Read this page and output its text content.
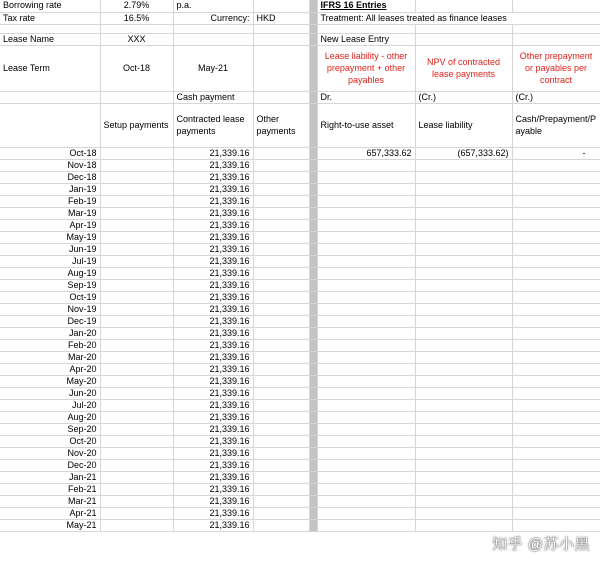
Borrowing rate	2.79%	p.a.			IFRS 16 Entries		
Tax rate	16.5%	Currency:	HKD		Treatment: All leases treated as finance leases		

Lease Name	XXX				New Lease Entry		
Lease Term	Oct-18	May-21			Lease liability - other prepayment + other payables	NPV of contracted lease payments	Other prepayment or payables per contract
		Cash payment			Dr.	(Cr.)	(Cr.)
	Setup payments	Contracted lease payments	Other payments		Right-to-use asset	Lease liability	Cash/Prepayment/Payable
Oct-18		21,339.16			657,333.62	(657,333.62)	-
Nov-18		21,339.16					
Dec-18		21,339.16					
Jan-19		21,339.16					
Feb-19		21,339.16					
Mar-19		21,339.16					
Apr-19		21,339.16					
May-19		21,339.16					
Jun-19		21,339.16					
Jul-19		21,339.16					
Aug-19		21,339.16					
Sep-19		21,339.16					
Oct-19		21,339.16					
Nov-19		21,339.16					
Dec-19		21,339.16					
Jan-20		21,339.16					
Feb-20		21,339.16					
Mar-20		21,339.16					
Apr-20		21,339.16					
May-20		21,339.16					
Jun-20		21,339.16					
Jul-20		21,339.16					
Aug-20		21,339.16					
Sep-20		21,339.16					
Oct-20		21,339.16					
Nov-20		21,339.16					
Dec-20		21,339.16					
Jan-21		21,339.16					
Feb-21		21,339.16					
Mar-21		21,339.16					
Apr-21		21,339.16					
May-21		21,339.16					
知乎 @苏小黑
